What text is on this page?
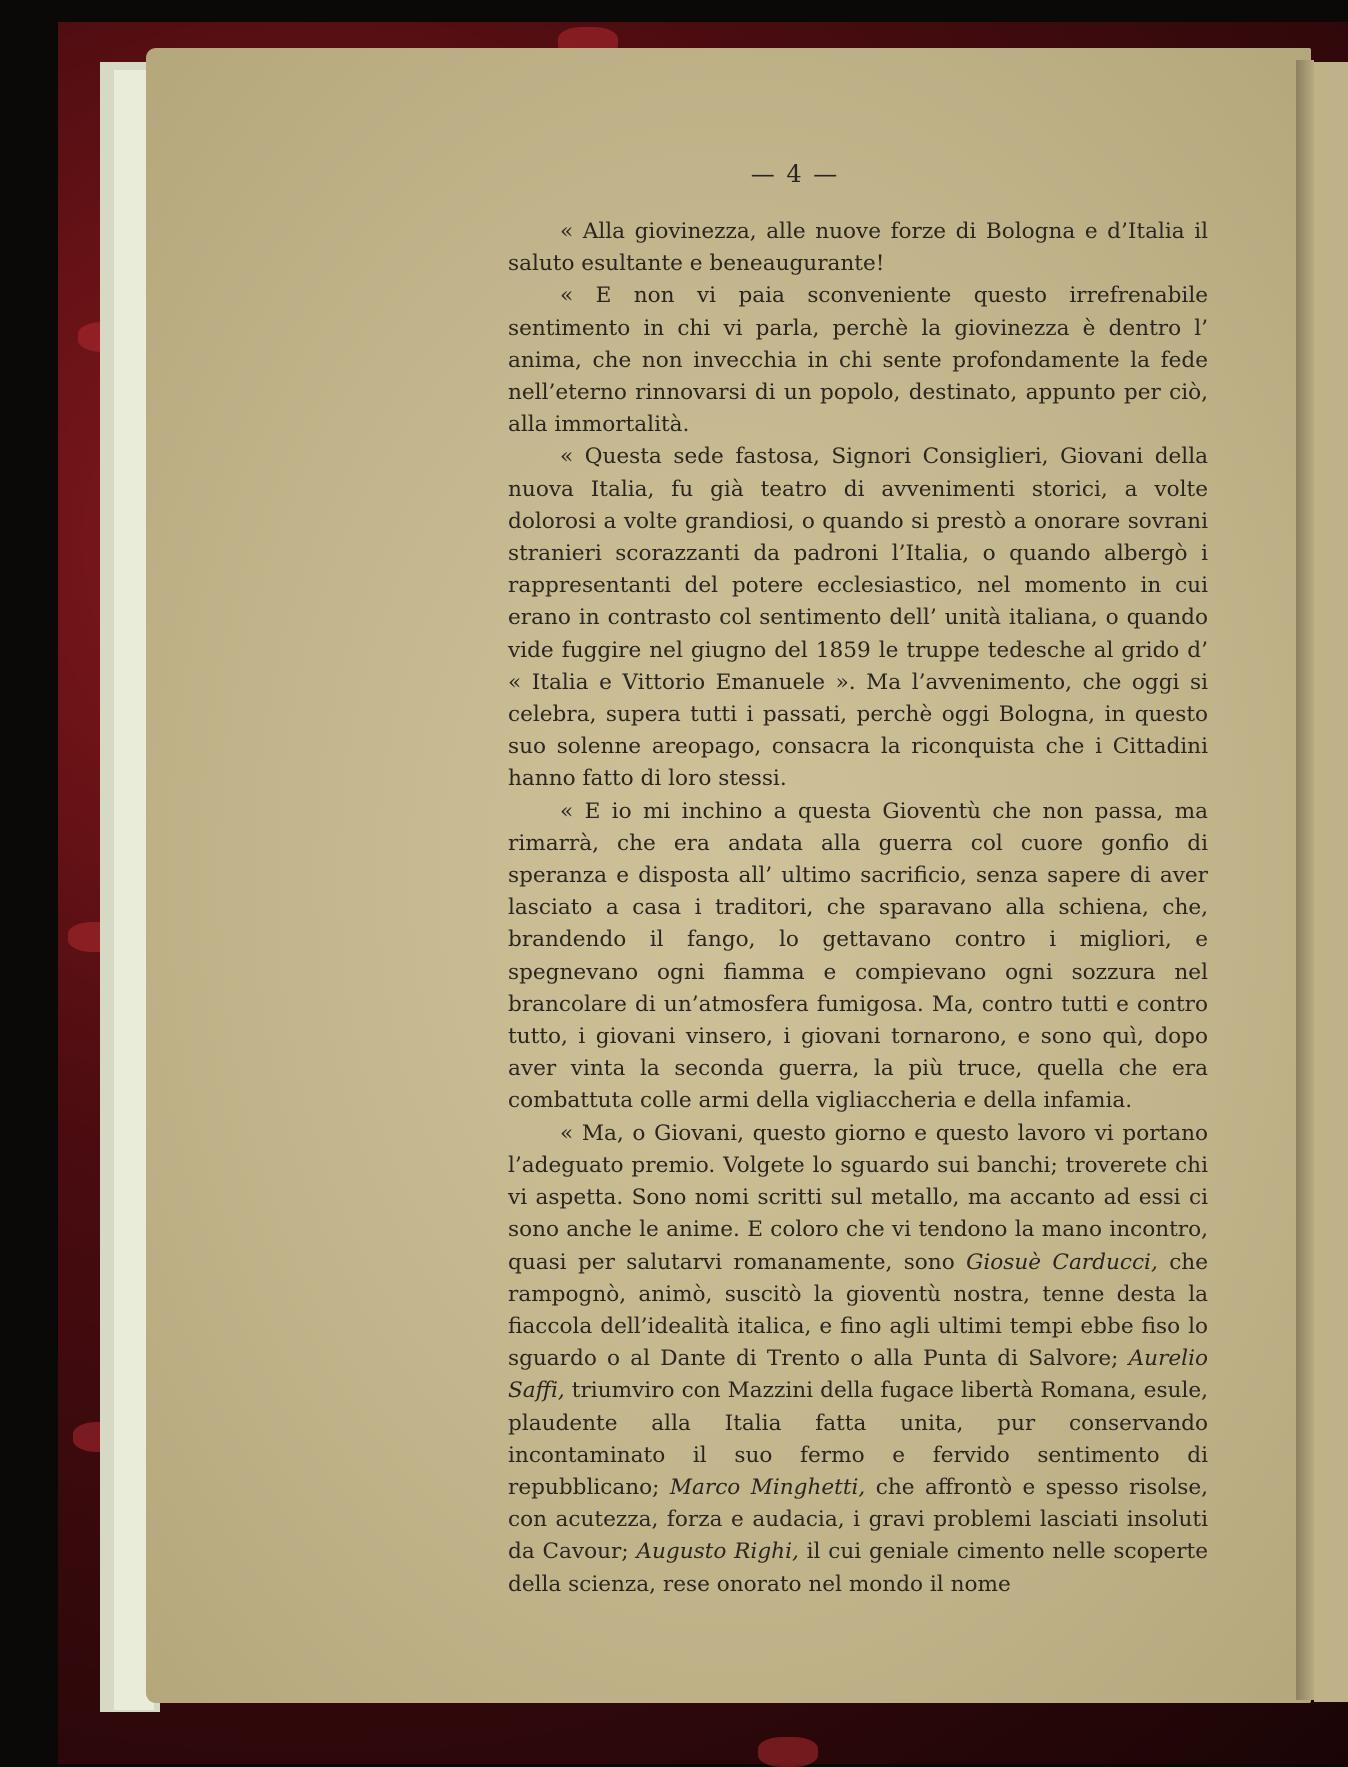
— 4 —

« Alla giovinezza, alle nuove forze di Bologna e d’Italia il saluto esultante e beneaugurante!

« E non vi paia sconveniente questo irrefrenabile sentimento in chi vi parla, perchè la giovinezza è dentro l’ anima, che non invecchia in chi sente profondamente la fede nell’eterno rinnovarsi di un popolo, destinato, appunto per ciò, alla immortalità.

« Questa sede fastosa, Signori Consiglieri, Giovani della nuova Italia, fu già teatro di avvenimenti storici, a volte dolorosi a volte grandiosi, o quando si prestò a onorare sovrani stranieri scorazzanti da padroni l’Italia, o quando albergò i rappresentanti del potere ecclesiastico, nel momento in cui erano in contrasto col sentimento dell’ unità italiana, o quando vide fuggire nel giugno del 1859 le truppe tedesche al grido d’ « Italia e Vittorio Emanuele ». Ma l’avvenimento, che oggi si celebra, supera tutti i passati, perchè oggi Bologna, in questo suo solenne areopago, consacra la riconquista che i Cittadini hanno fatto di loro stessi.

« E io mi inchino a questa Gioventù che non passa, ma rimarrà, che era andata alla guerra col cuore gonfio di speranza e disposta all’ ultimo sacrificio, senza sapere di aver lasciato a casa i traditori, che sparavano alla schiena, che, brandendo il fango, lo gettavano contro i migliori, e spegnevano ogni fiamma e compievano ogni sozzura nel brancolare di un’atmosfera fumigosa. Ma, contro tutti e contro tutto, i giovani vinsero, i giovani tornarono, e sono quì, dopo aver vinta la seconda guerra, la più truce, quella che era combattuta colle armi della vigliaccheria e della infamia.

« Ma, o Giovani, questo giorno e questo lavoro vi portano l’adeguato premio. Volgete lo sguardo sui banchi; troverete chi vi aspetta. Sono nomi scritti sul metallo, ma accanto ad essi ci sono anche le anime. E coloro che vi tendono la mano incontro, quasi per salutarvi romanamente, sono Giosuè Carducci, che rampognò, animò, suscitò la gioventù nostra, tenne desta la fiaccola dell’idealità italica, e fino agli ultimi tempi ebbe fiso lo sguardo o al Dante di Trento o alla Punta di Salvore; Aurelio Saffi, triumviro con Mazzini della fugace libertà Romana, esule, plaudente alla Italia fatta unita, pur conservando incontaminato il suo fermo e fervido sentimento di repubblicano; Marco Minghetti, che affrontò e spesso risolse, con acutezza, forza e audacia, i gravi problemi lasciati insoluti da Cavour; Augusto Righi, il cui geniale cimento nelle scoperte della scienza, rese onorato nel mondo il nome
